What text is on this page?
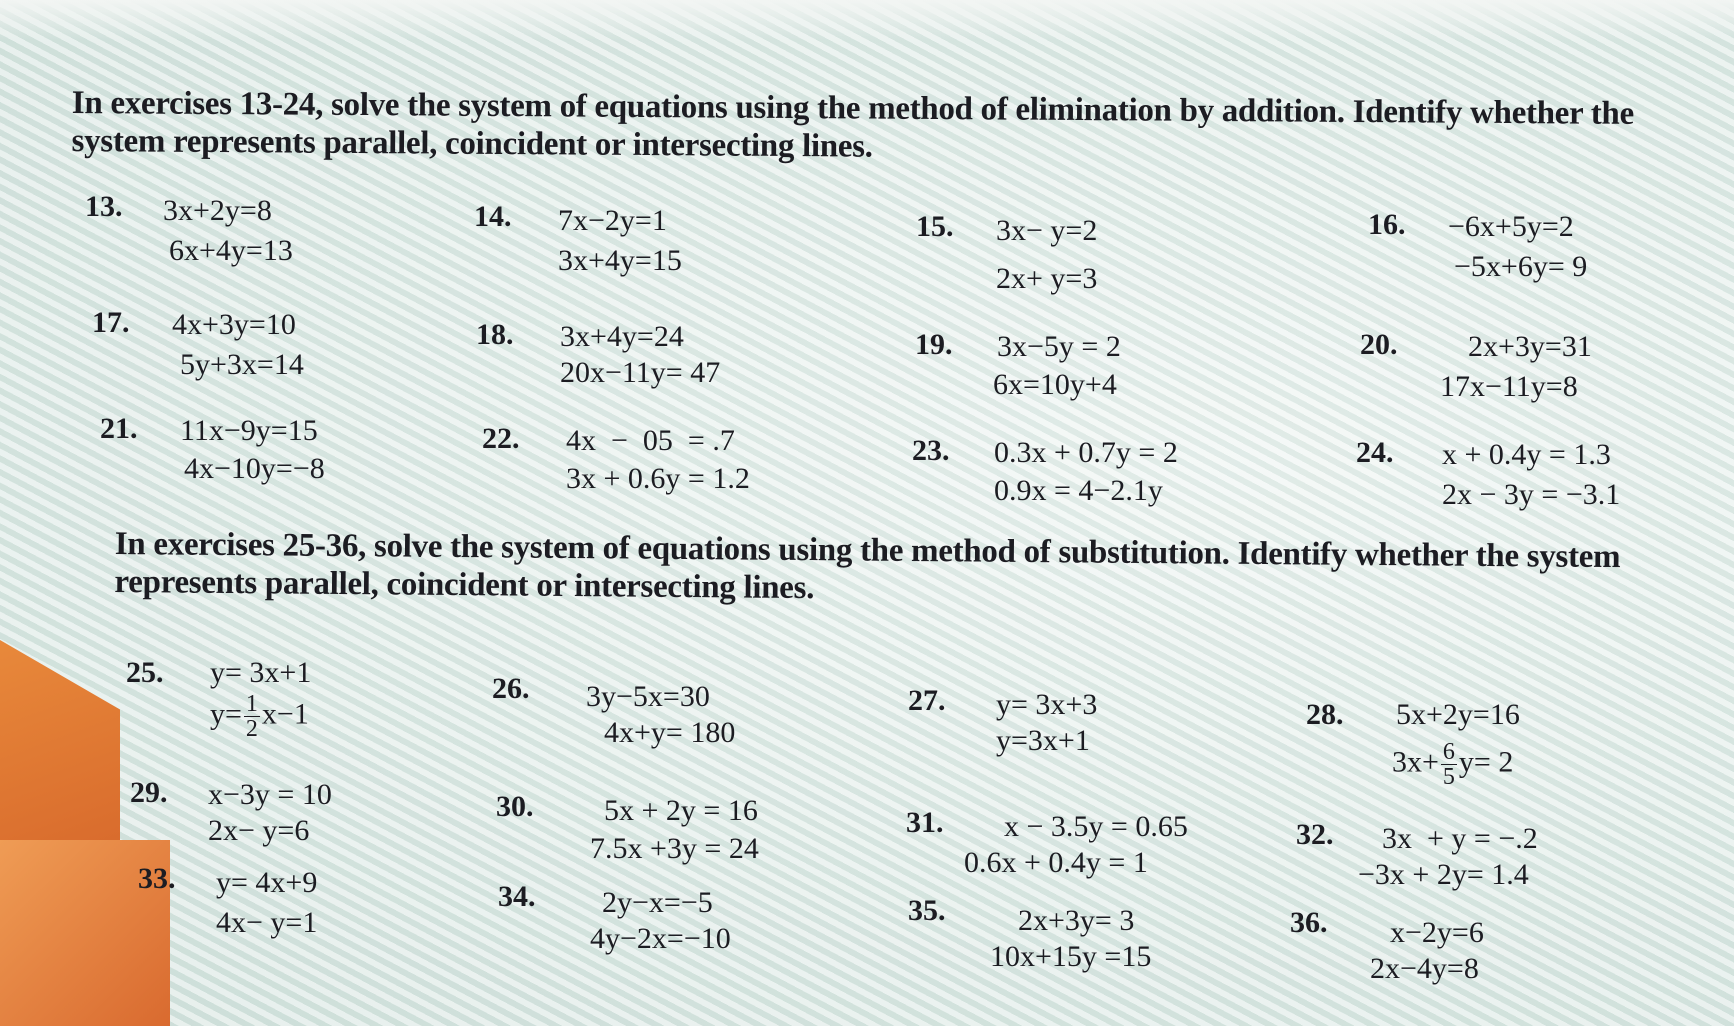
In exercises 13-24, solve the system of equations using the method of elimination by addition. Identify whether the system represents parallel, coincident or intersecting lines.

13. 3x+2y=8
6x+4y=13
14. 7x−2y=1
3x+4y=15
15. 3x− y=2
2x+ y=3
16. −6x+5y=2
−5x+6y= 9
17. 4x+3y=10
5y+3x=14
18. 3x+4y=24
20x−11y= 47
19. 3x−5y = 2
6x=10y+4
20. 2x+3y=31
17x−11y=8
21. 11x−9y=15
4x−10y=−8
22. 4x  −  05  = .7
3x + 0.6y = 1.2
23. 0.3x + 0.7y = 2
0.9x = 4−2.1y
24. x + 0.4y = 1.3
2x − 3y = −3.1

In exercises 25-36, solve the system of equations using the method of substitution. Identify whether the system represents parallel, coincident or intersecting lines.

25. y= 3x+1
$y= \frac{1}{2} x-1$
26. 3y−5x=30
4x+y= 180
27. y= 3x+3
y=3x+1
28. 5x+2y=16
$3x+ \frac{6}{5} y= 2$
29. x−3y = 10
2x− y=6
30. 5x + 2y = 16
7.5x +3y = 24
31. x − 3.5y = 0.65
0.6x + 0.4y = 1
32. 3x  + y = −.2
−3x + 2y= 1.4
33. y= 4x+9
4x− y=1
34. 2y−x=−5
4y−2x=−10
35. 2x+3y= 3
10x+15y =15
36. x−2y=6
2x−4y=8
